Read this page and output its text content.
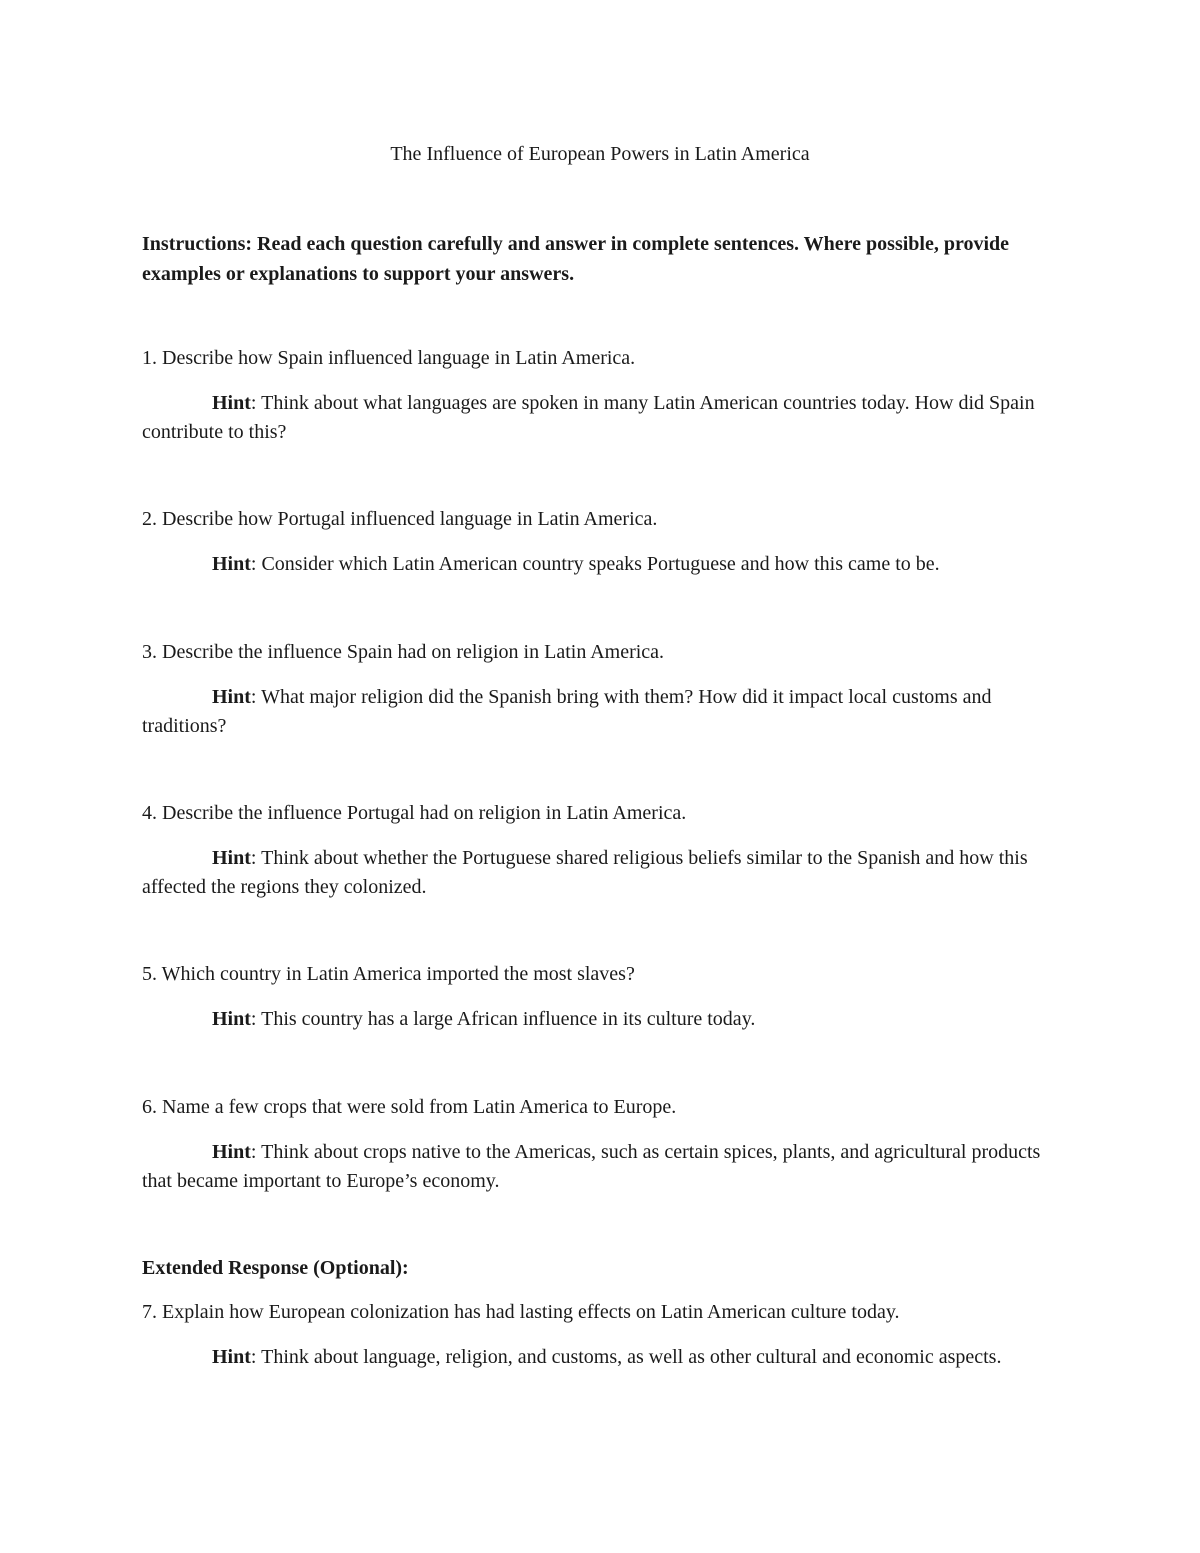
The Influence of European Powers in Latin America
Instructions: Read each question carefully and answer in complete sentences. Where possible, provide examples or explanations to support your answers.

1. Describe how Spain influenced language in Latin America.

Hint: Think about what languages are spoken in many Latin American countries today. How did Spain contribute to this?

2. Describe how Portugal influenced language in Latin America.

Hint: Consider which Latin American country speaks Portuguese and how this came to be.

3. Describe the influence Spain had on religion in Latin America.

Hint: What major religion did the Spanish bring with them? How did it impact local customs and traditions?

4. Describe the influence Portugal had on religion in Latin America.

Hint: Think about whether the Portuguese shared religious beliefs similar to the Spanish and how this affected the regions they colonized.

5. Which country in Latin America imported the most slaves?

Hint: This country has a large African influence in its culture today.

6. Name a few crops that were sold from Latin America to Europe.

Hint: Think about crops native to the Americas, such as certain spices, plants, and agricultural products that became important to Europe’s economy.

Extended Response (Optional):

7. Explain how European colonization has had lasting effects on Latin American culture today.

Hint: Think about language, religion, and customs, as well as other cultural and economic aspects.
